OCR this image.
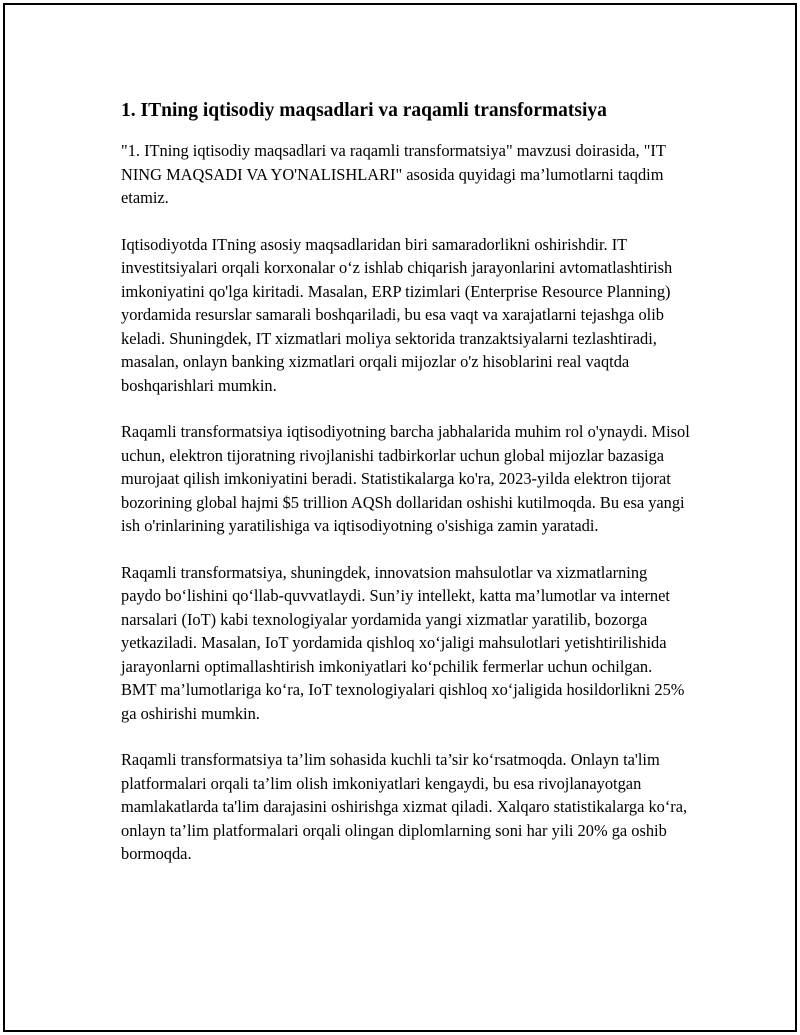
1. ITning iqtisodiy maqsadlari va raqamli transformatsiya

"1. ITning iqtisodiy maqsadlari va raqamli transformatsiya" mavzusi doirasida, "IT NING MAQSADI VA YO'NALISHLARI" asosida quyidagi ma’lumotlarni taqdim etamiz.

Iqtisodiyotda ITning asosiy maqsadlaridan biri samaradorlikni oshirishdir. IT investitsiyalari orqali korxonalar o‘z ishlab chiqarish jarayonlarini avtomatlashtirish imkoniyatini qo'lga kiritadi. Masalan, ERP tizimlari (Enterprise Resource Planning) yordamida resurslar samarali boshqariladi, bu esa vaqt va xarajatlarni tejashga olib keladi. Shuningdek, IT xizmatlari moliya sektorida tranzaktsiyalarni tezlashtiradi, masalan, onlayn banking xizmatlari orqali mijozlar o'z hisoblarini real vaqtda boshqarishlari mumkin.

Raqamli transformatsiya iqtisodiyotning barcha jabhalarida muhim rol o'ynaydi. Misol uchun, elektron tijoratning rivojlanishi tadbirkorlar uchun global mijozlar bazasiga murojaat qilish imkoniyatini beradi. Statistikalarga ko'ra, 2023-yilda elektron tijorat bozorining global hajmi $5 trillion AQSh dollaridan oshishi kutilmoqda. Bu esa yangi ish o'rinlarining yaratilishiga va iqtisodiyotning o'sishiga zamin yaratadi.

Raqamli transformatsiya, shuningdek, innovatsion mahsulotlar va xizmatlarning paydo bo‘lishini qo‘llab-quvvatlaydi. Sun’iy intellekt, katta ma’lumotlar va internet narsalari (IoT) kabi texnologiyalar yordamida yangi xizmatlar yaratilib, bozorga yetkaziladi. Masalan, IoT yordamida qishloq xo‘jaligi mahsulotlari yetishtirilishida jarayonlarni optimallashtirish imkoniyatlari ko‘pchilik fermerlar uchun ochilgan. BMT ma’lumotlariga ko‘ra, IoT texnologiyalari qishloq xo‘jaligida hosildorlikni 25% ga oshirishi mumkin.

Raqamli transformatsiya ta’lim sohasida kuchli ta’sir ko‘rsatmoqda. Onlayn ta'lim platformalari orqali ta’lim olish imkoniyatlari kengaydi, bu esa rivojlanayotgan mamlakatlarda ta'lim darajasini oshirishga xizmat qiladi. Xalqaro statistikalarga ko‘ra, onlayn ta’lim platformalari orqali olingan diplomlarning soni har yili 20% ga oshib bormoqda.
